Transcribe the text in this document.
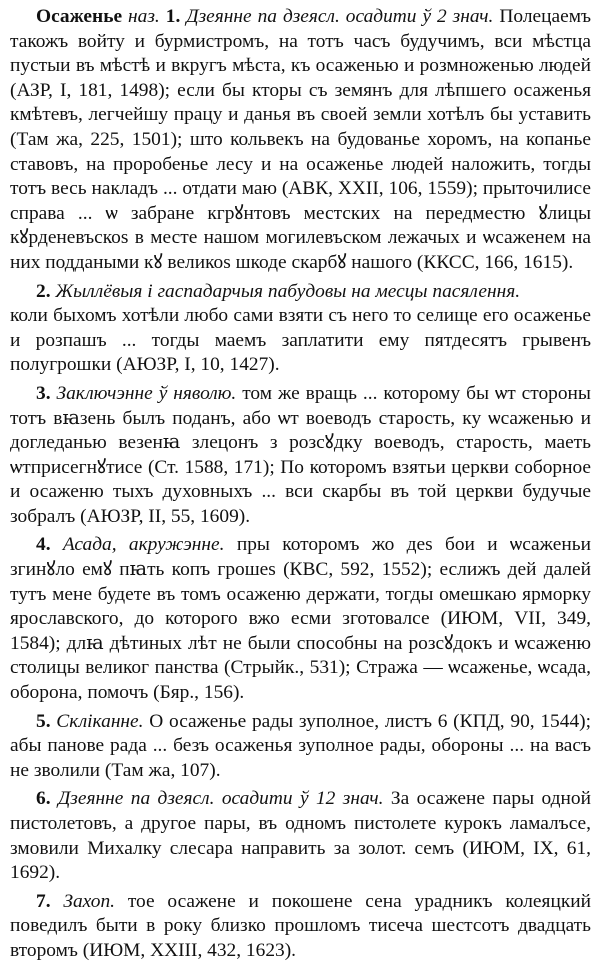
Осаженье наз. 1. Дзеянне па дзеясл. осадити ў 2 знач. Полецаемъ такожъ войту и бурмистромъ, на тотъ часъ будучимъ, вси мѣстца пустыи въ мѣстѣ и вкругъ мѣста, къ осаженью и розмноженью людей (АЗР, I, 181, 1498); если бы кторы съ земянъ для лѣпшего осаженья кмѣтевъ, легчейшу працу и данья въ своей земли хотѣлъ бы уставить (Там жа, 225, 1501); што кольвекъ на будованье хоромъ, на копанье ставовъ, на проробенье лесу и на осаженье людей наложить, тогды тотъ весь накладъ ... отдати маю (АВК, XXII, 106, 1559); прыточилисе справа ... ѡ забране кгрꙋнтовъ местских на передместю ꙋлицы кꙋрденевъскоѕ в месте нашом могилевъском лежачых и ѡсаженем на них поддаными кꙋ великоѕ шкоде скарбꙋ нашого (ККСС, 166, 1615).

2. Жыллёвыя і гаспадарчыя пабудовы на месцы пасялення.
коли быхомъ хотѣли любо сами взяти съ него то селище его осаженье и розпашъ ... тогды маемъ заплатити ему пятдесятъ грывенъ полугрошки (АЮЗР, I, 10, 1427).

3. Заключэнне ў няволю. том же вращь ... которому бы ѡт стороны тотъ вꙗзень былъ поданъ, або ѡт воеводъ старость, ку ѡсаженью и догледанью везенꙗ злецонъ з розсꙋдку воеводъ, старость, маеть ѡтприсегнꙋтисе (Ст. 1588, 171); По которомъ взятьи церкви соборное и осаженю тыхъ духовныхъ ... вси скарбы въ той церкви будучые зобралъ (АЮЗР, II, 55, 1609).

4. Асада, акружэнне. пры которомъ жо деѕ бои и ѡсаженьи згинꙋло емꙋ пꙗть копъ грошеѕ (КВС, 592, 1552); еслижъ дей далей тутъ мене будете въ томъ осаженю держати, тогды омешкаю ярморку ярославского, до которого вжо есми зготовалсе (ИЮМ, VII, 349, 1584); длꙗ дѣтиных лѣт не были способны на розсꙋдокъ и ѡсаженю столицы великог панства (Стрыйк., 531); Стража — ѡсаженье, ѡсада, оборона, помочъ (Бяр., 156).

5. Скліканне. О осаженье рады зуполное, листъ 6 (КПД, 90, 1544); абы панове рада ... безъ осаженья зуполное рады, обороны ... на васъ не зволили (Там жа, 107).

6. Дзеянне па дзеясл. осадити ў 12 знач. За осажене пары одной пистолетовъ, а другое пары, въ одномъ пистолете курокъ ламалъсе, змовили Михалку слесара направить за золот. семъ (ИЮМ, IX, 61, 1692).

7. Захоп. тое осажене и покошене сена урадникъ колеяцкий поведилъ быти в року близко прошломъ тисеча шестсотъ двадцать второмъ (ИЮМ, XXIII, 432, 1623).
